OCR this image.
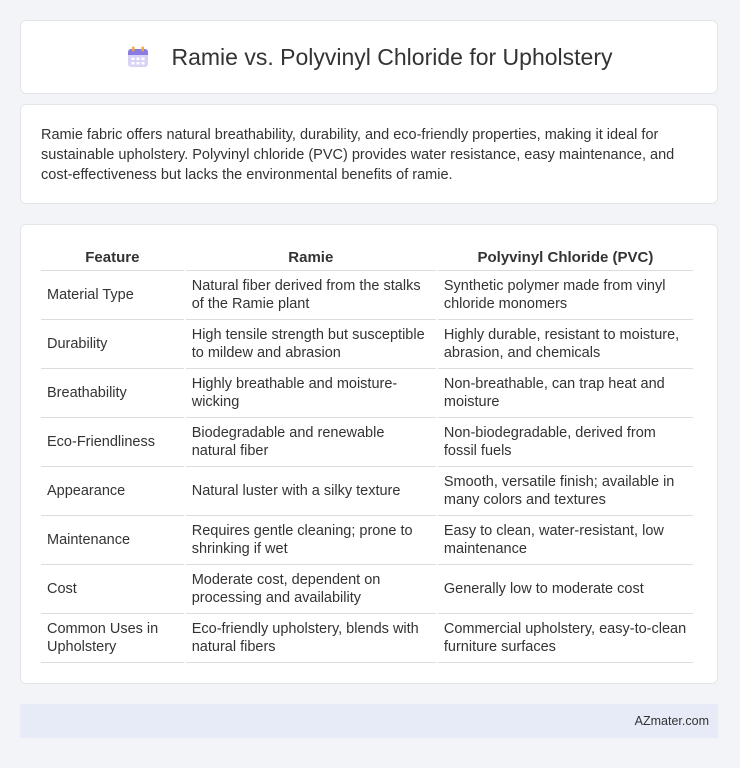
Ramie vs. Polyvinyl Chloride for Upholstery

Ramie fabric offers natural breathability, durability, and eco-friendly properties, making it ideal for sustainable upholstery. Polyvinyl chloride (PVC) provides water resistance, easy maintenance, and cost-effectiveness but lacks the environmental benefits of ramie.

Feature	Ramie	Polyvinyl Chloride (PVC)
Material Type	Natural fiber derived from the stalks of the Ramie plant	Synthetic polymer made from vinyl chloride monomers
Durability	High tensile strength but susceptible to mildew and abrasion	Highly durable, resistant to moisture, abrasion, and chemicals
Breathability	Highly breathable and moisture-wicking	Non-breathable, can trap heat and moisture
Eco-Friendliness	Biodegradable and renewable natural fiber	Non-biodegradable, derived from fossil fuels
Appearance	Natural luster with a silky texture	Smooth, versatile finish; available in many colors and textures
Maintenance	Requires gentle cleaning; prone to shrinking if wet	Easy to clean, water-resistant, low maintenance
Cost	Moderate cost, dependent on processing and availability	Generally low to moderate cost
Common Uses in Upholstery	Eco-friendly upholstery, blends with natural fibers	Commercial upholstery, easy-to-clean furniture surfaces
AZmater.com
